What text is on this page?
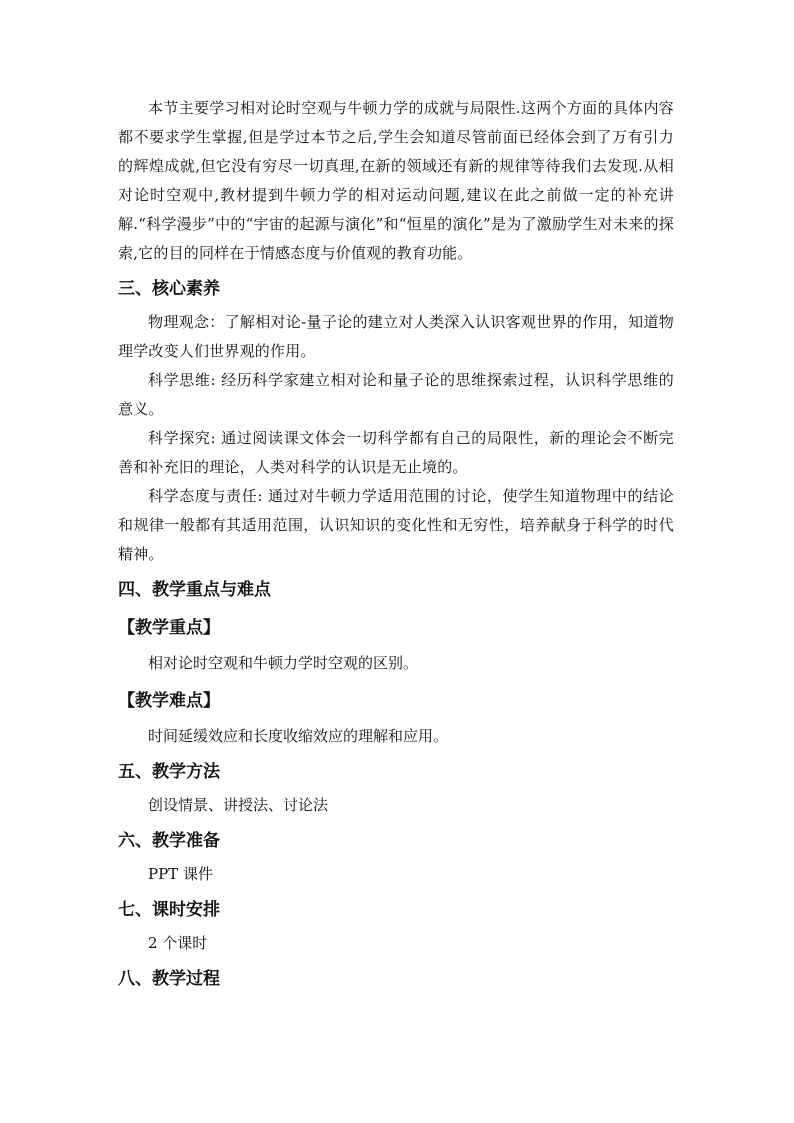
本节主要学习相对论时空观与牛顿力学的成就与局限性.这两个方面的具体内容都不要求学生掌握,但是学过本节之后,学生会知道尽管前面已经体会到了万有引力的辉煌成就,但它没有穷尽一切真理,在新的领域还有新的规律等待我们去发现.从相对论时空观中,教材提到牛顿力学的相对运动问题,建议在此之前做一定的补充讲解.“科学漫步”中的“宇宙的起源与演化”和“恒星的演化”是为了激励学生对未来的探索,它的目的同样在于情感态度与价值观的教育功能。

三、核心素养

物理观念：了解相对论-量子论的建立对人类深入认识客观世界的作用，知道物理学改变人们世界观的作用。

科学思维: 经历科学家建立相对论和量子论的思维探索过程，认识科学思维的意义。

科学探究: 通过阅读课文体会一切科学都有自己的局限性，新的理论会不断完善和补充旧的理论，人类对科学的认识是无止境的。

科学态度与责任: 通过对牛顿力学适用范围的讨论，使学生知道物理中的结论和规律一般都有其适用范围，认识知识的变化性和无穷性，培养献身于科学的时代精神。

四、教学重点与难点
【教学重点】

相对论时空观和牛顿力学时空观的区别。

【教学难点】

时间延缓效应和长度收缩效应的理解和应用。

五、教学方法

创设情景、讲授法、讨论法

六、教学准备

PPT 课件

七、课时安排

2 个课时

八、教学过程
